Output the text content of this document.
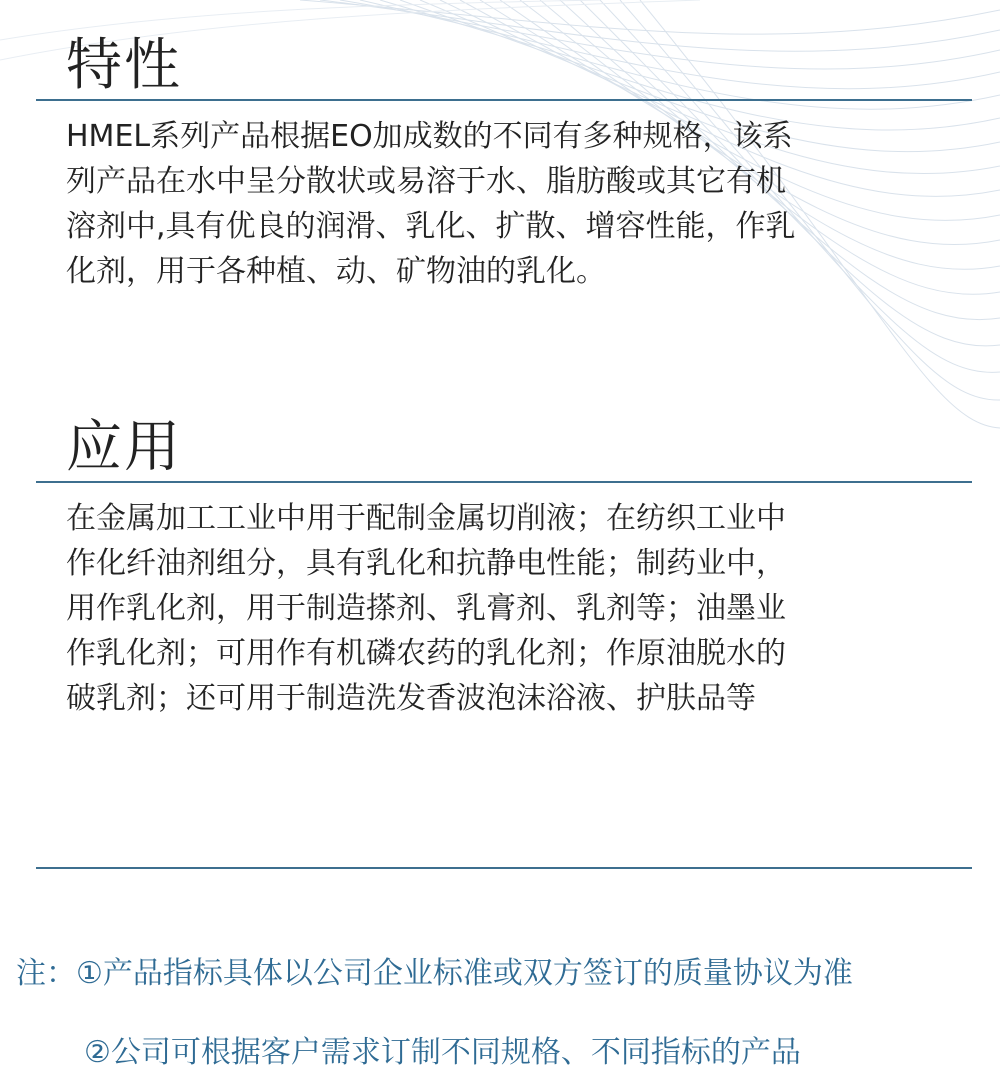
特性
HMEL系列产品根据EO加成数的不同有多种规格，该系
列产品在水中呈分散状或易溶于水、脂肪酸或其它有机
溶剂中,具有优良的润滑、乳化、扩散、增容性能，作乳
化剂，用于各种植、动、矿物油的乳化。
应用
在金属加工工业中用于配制金属切削液；在纺织工业中
作化纤油剂组分，具有乳化和抗静电性能；制药业中，
用作乳化剂，用于制造搽剂、乳膏剂、乳剂等；油墨业
作乳化剂；可用作有机磷农药的乳化剂；作原油脱水的
破乳剂；还可用于制造洗发香波泡沫浴液、护肤品等

注：①产品指标具体以公司企业标准或双方签订的质量协议为准

②公司可根据客户需求订制不同规格、不同指标的产品
